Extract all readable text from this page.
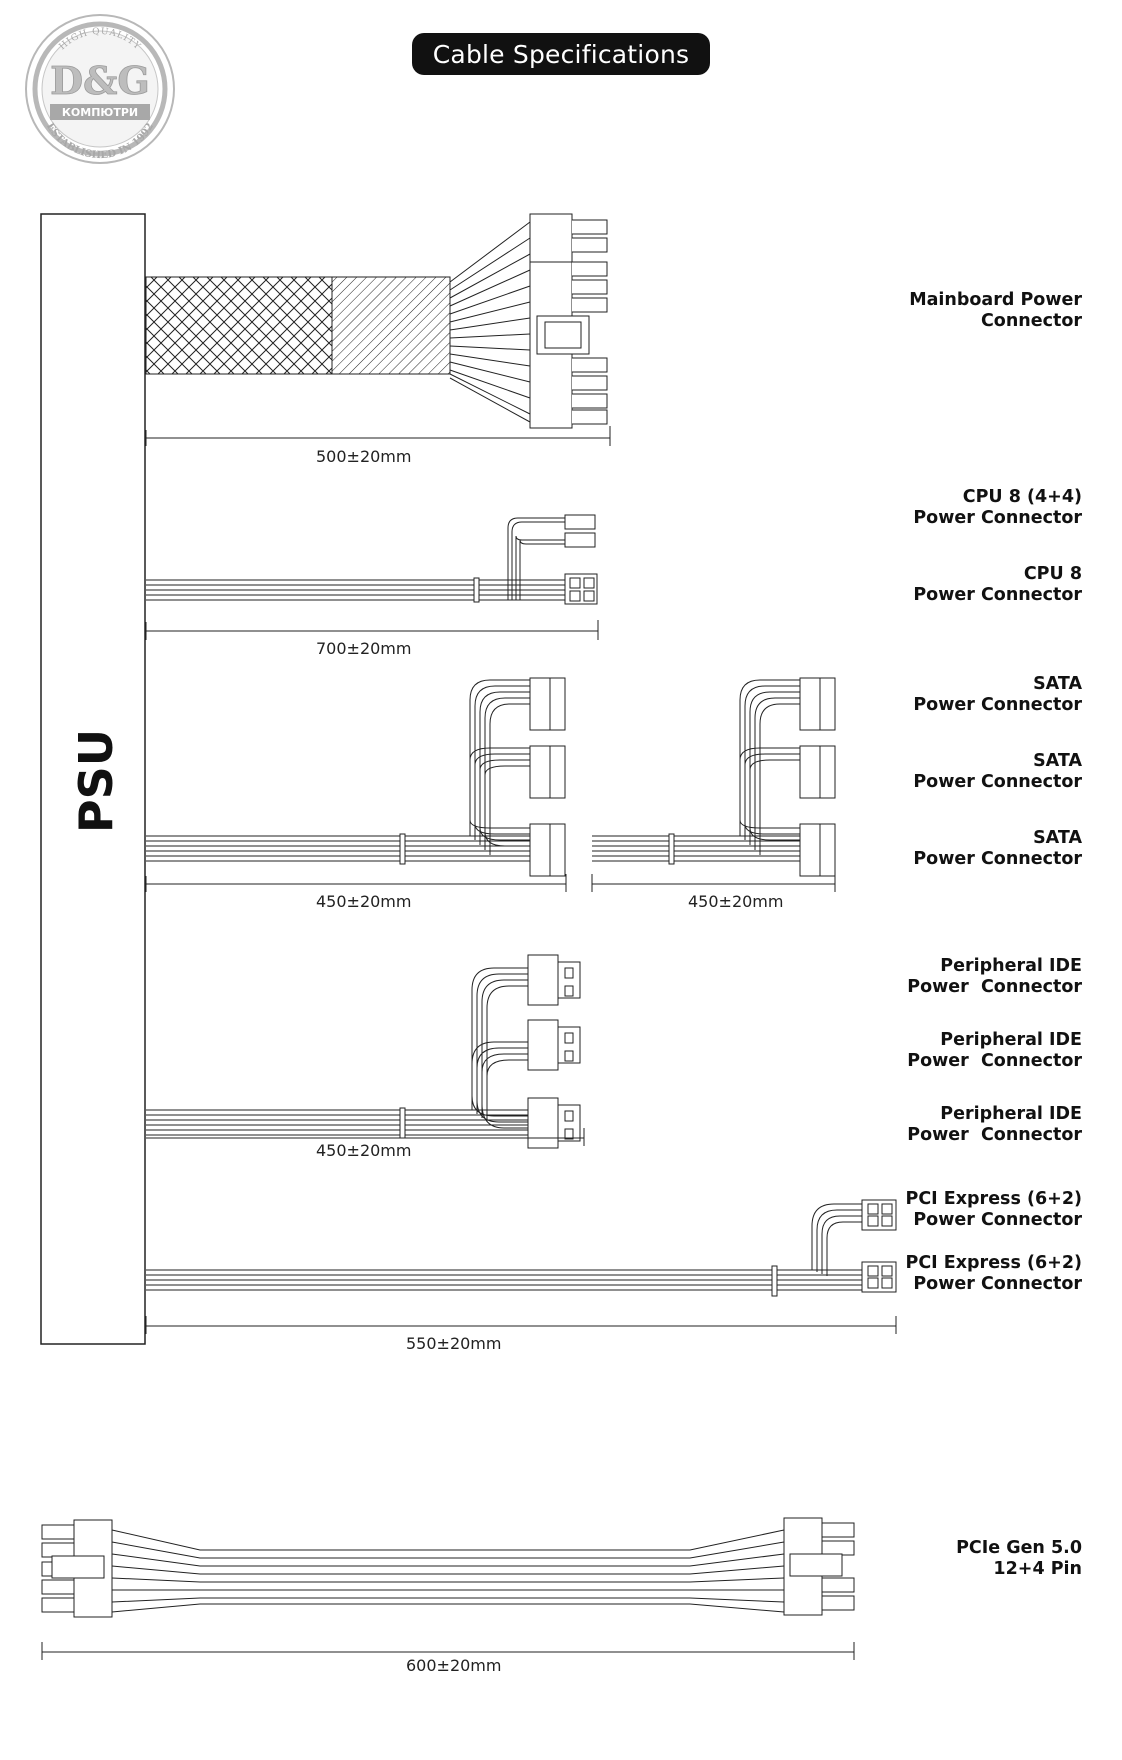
D&G
КОМПЮТРИ
HIGH QUALITY
ESTABLISHED IN 1992
PSU
Cable Specifications
500±20mm
700±20mm
450±20mm	450±20mm
450±20mm
550±20mm
600±20mm
Mainboard Power
Connector
CPU 8 (4+4)
Power Connector
CPU 8
Power Connector
SATA
Power Connector
SATA
Power Connector
SATA
Power Connector
Peripheral IDE
Power  Connector
Peripheral IDE
Power  Connector
Peripheral IDE
Power  Connector
PCI Express (6+2)
Power Connector
PCI Express (6+2)
Power Connector
PCIe Gen 5.0
12+4 Pin
